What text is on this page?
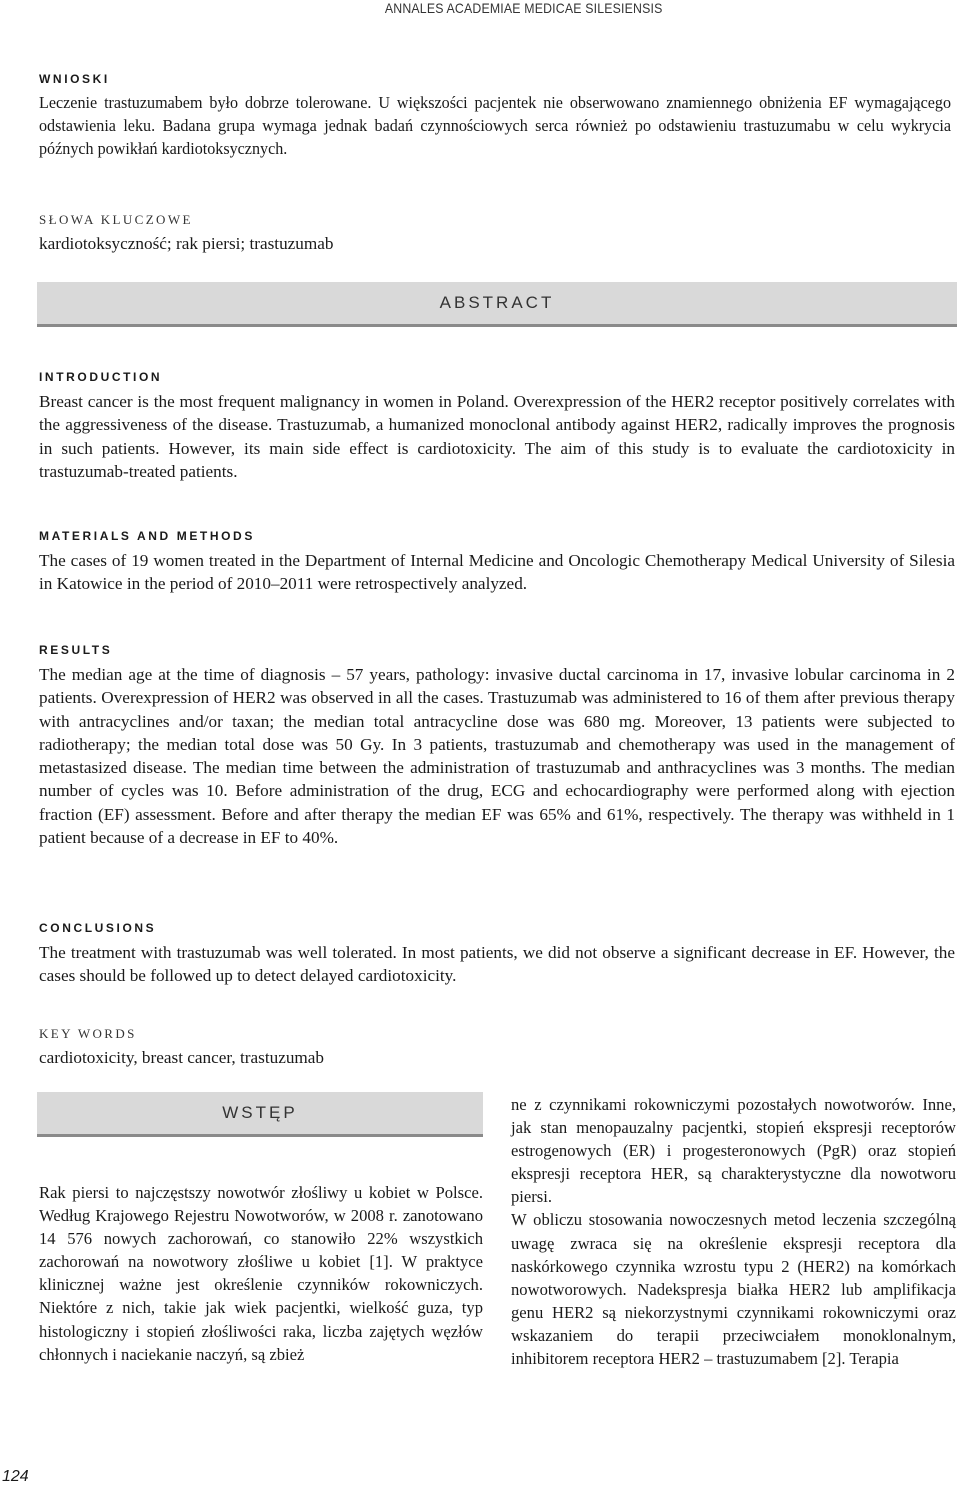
ANNALES ACADEMIAE MEDICAE SILESIENSIS
WNIOSKI

Leczenie trastuzumabem było dobrze tolerowane. U większości pacjentek nie obserwowano znamiennego obniżenia EF wymagającego odstawienia leku. Badana grupa wymaga jednak badań czynnościowych serca również po odstawieniu trastuzumabu w celu wykrycia późnych powikłań kardiotoksycznych.

SŁOWA KLUCZOWE

kardiotoksyczność; rak piersi; trastuzumab

ABSTRACT
INTRODUCTION

Breast cancer is the most frequent malignancy in women in Poland. Overexpression of the HER2 receptor positively correlates with the aggressiveness of the disease. Trastuzumab, a humanized monoclonal antibody against HER2, radically improves the prognosis in such patients. However, its main side effect is cardiotoxicity. The aim of this study is to evaluate the cardiotoxicity in trastuzumab-treated patients.

MATERIALS AND METHODS

The cases of 19 women treated in the Department of Internal Medicine and Oncologic Chemotherapy Medical University of Silesia in Katowice in the period of 2010–2011 were retrospectively analyzed.

RESULTS

The median age at the time of diagnosis – 57 years, pathology: invasive ductal carcinoma in 17, invasive lobular carcinoma in 2 patients. Overexpression of HER2 was observed in all the cases. Trastuzumab was administered to 16 of them after previous therapy with antracyclines and/or taxan; the median total antracycline dose was 680 mg. Moreover, 13 patients were subjected to radiotherapy; the median total dose was 50 Gy. In 3 patients, trastuzumab and chemotherapy was used in the management of metastasized disease. The median time between the administration of trastuzumab and anthracyclines was 3 months. The median number of cycles was 10. Before administration of the drug, ECG and echocardiography were performed along with ejection fraction (EF) assessment. Before and after therapy the median EF was 65% and 61%, respectively. The therapy was withheld in 1 patient because of a decrease in EF to 40%.

CONCLUSIONS

The treatment with trastuzumab was well tolerated. In most patients, we did not observe a significant decrease in EF. However, the cases should be followed up to detect delayed cardiotoxicity.

KEY WORDS

cardiotoxicity, breast cancer, trastuzumab

WSTĘP

Rak piersi to najczęstszy nowotwór złośliwy u kobiet w Polsce. Według Krajowego Rejestru Nowotworów, w 2008 r. zanotowano 14 576 nowych zachorowań, co stanowiło 22% wszystkich zachorowań na nowotwory złośliwe u kobiet [1]. W praktyce klinicznej ważne jest określenie czynników rokowniczych. Niektóre z nich, takie jak wiek pacjentki, wielkość guza, typ histologiczny i stopień złośliwości raka, liczba zajętych węzłów chłonnych i naciekanie naczyń, są zbież

ne z czynnikami rokowniczymi pozostałych nowotworów. Inne, jak stan menopauzalny pacjentki, stopień ekspresji receptorów estrogenowych (ER) i progesteronowych (PgR) oraz stopień ekspresji receptora HER, są charakterystyczne dla nowotworu piersi.

W obliczu stosowania nowoczesnych metod leczenia szczególną uwagę zwraca się na określenie ekspresji receptora dla naskórkowego czynnika wzrostu typu 2 (HER2) na komórkach nowotworowych. Nadekspresja białka HER2 lub amplifikacja genu HER2 są niekorzystnymi czynnikami rokowniczymi oraz wskazaniem do terapii przeciwciałem monoklonalnym, inhibitorem receptora HER2 – trastuzumabem [2]. Terapia

124
